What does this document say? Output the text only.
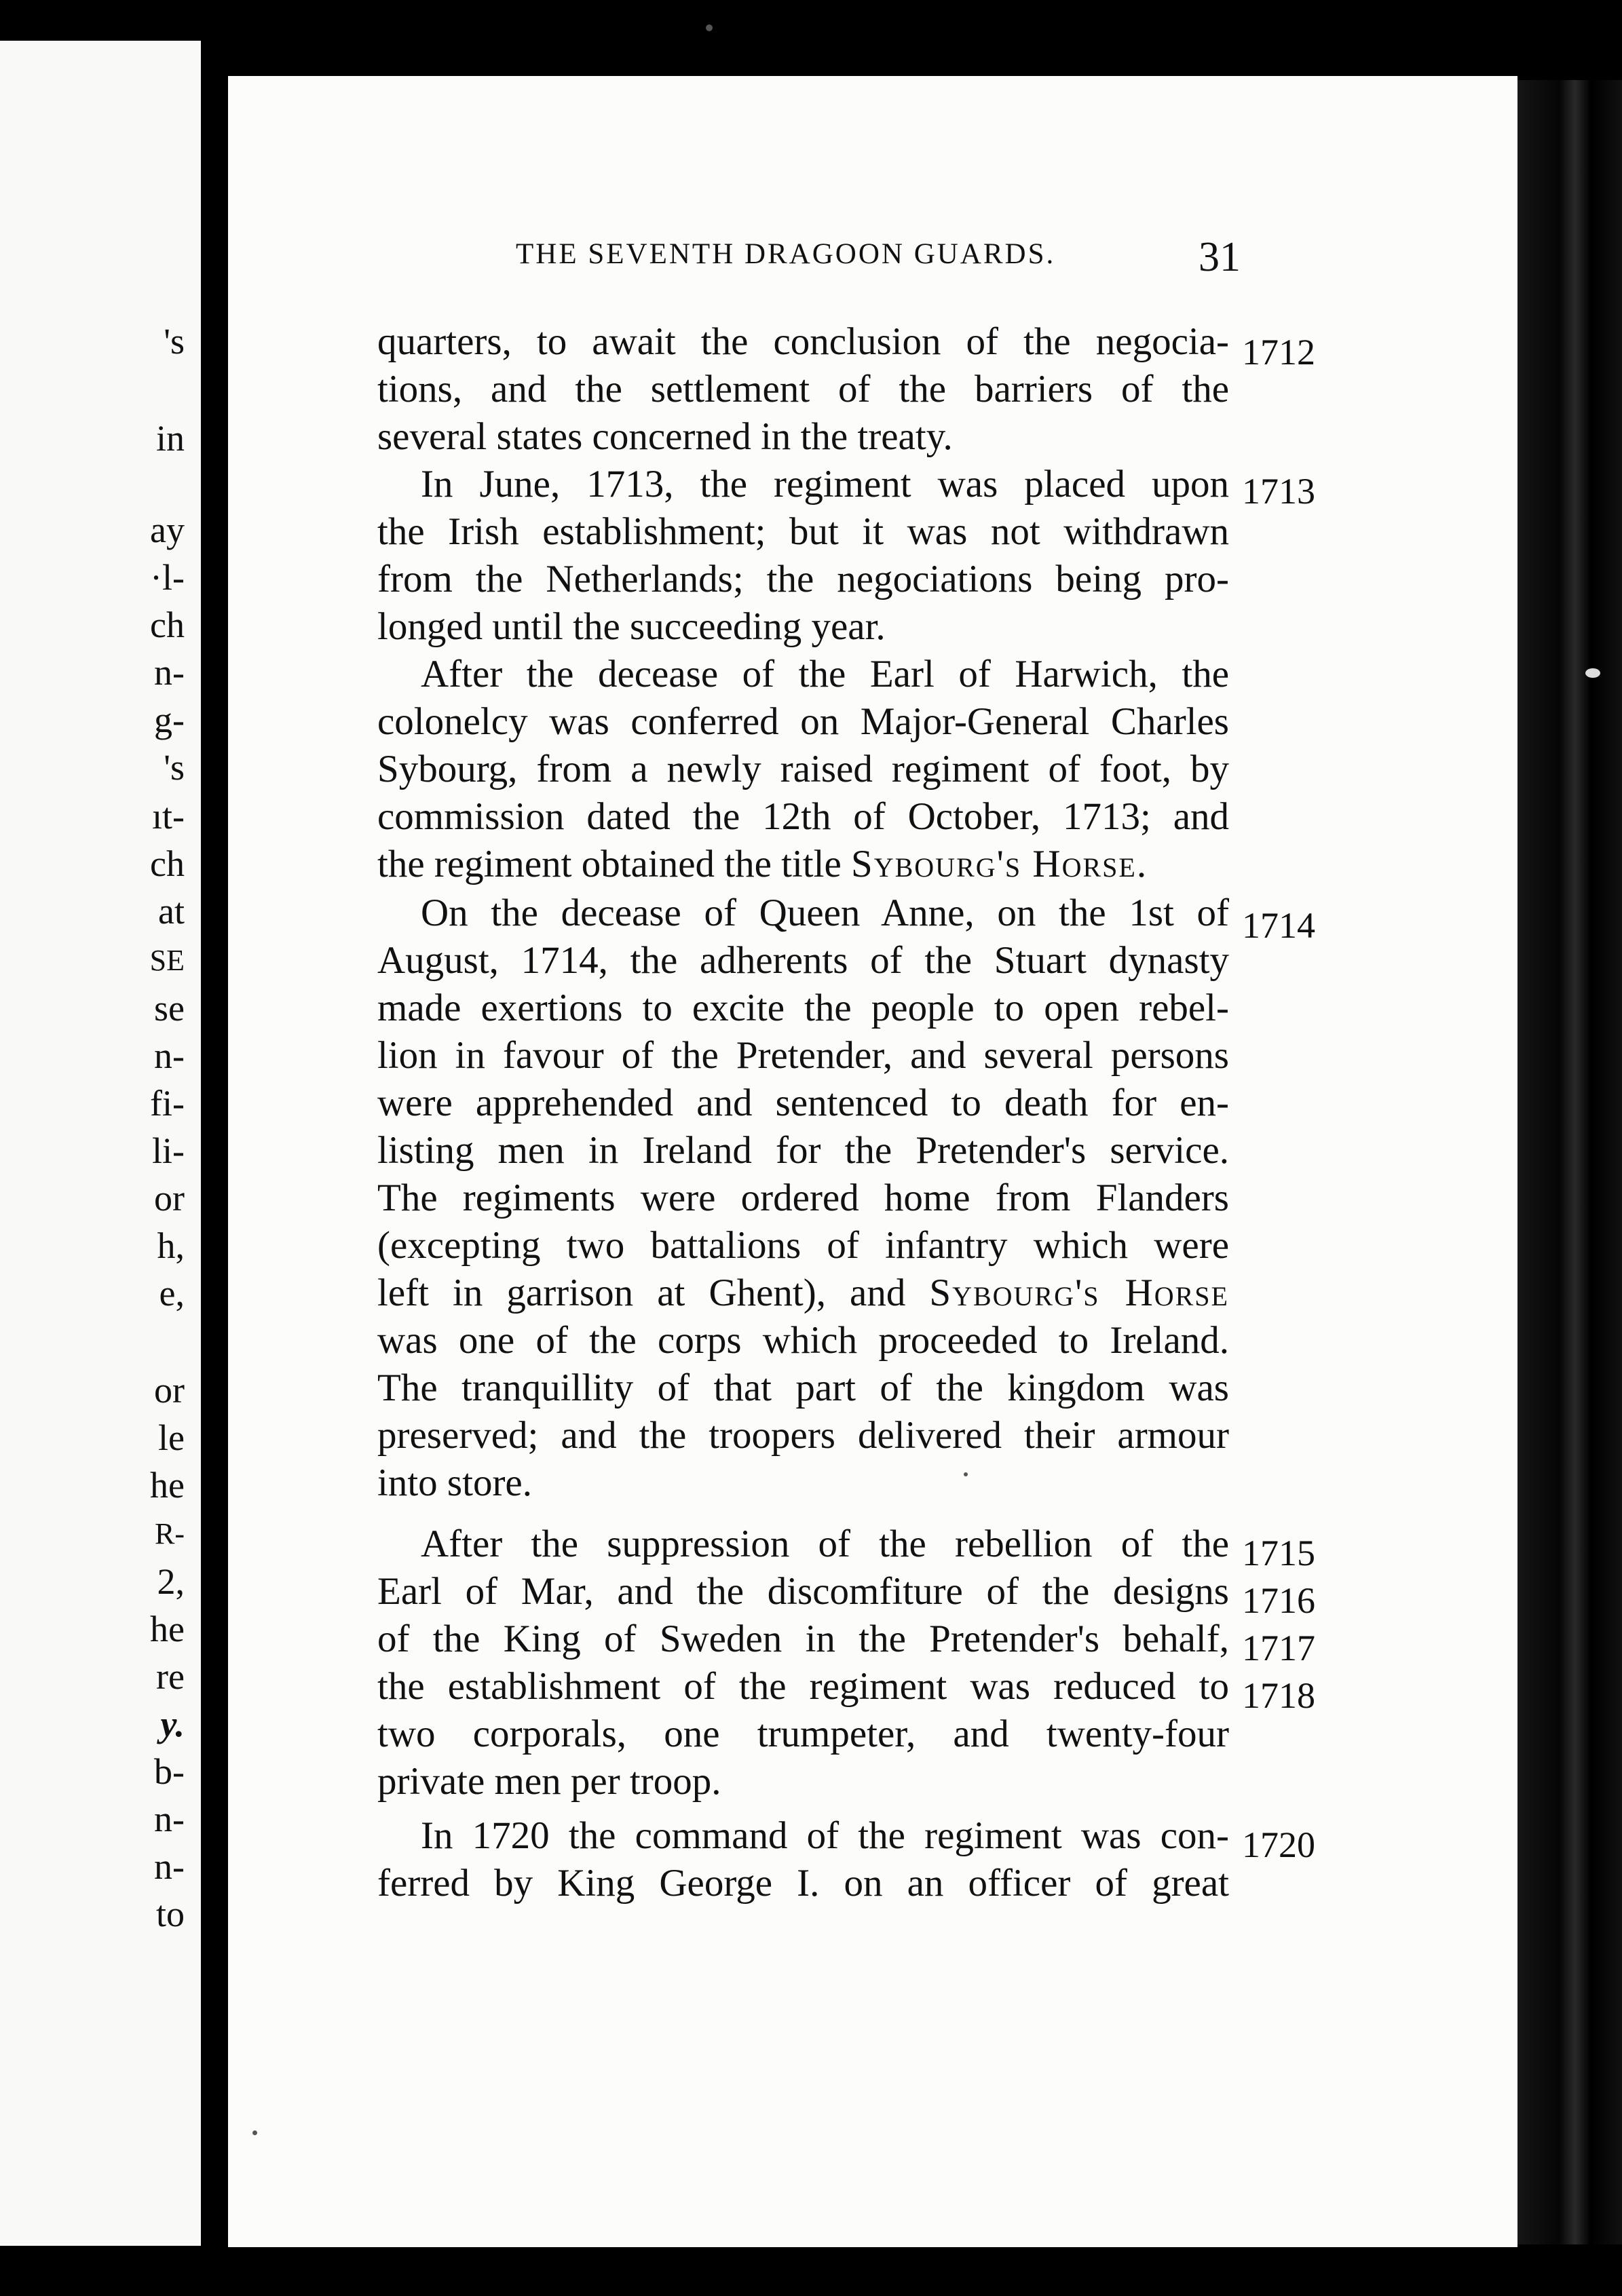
's
in
ay
·l-
ch
n-
g-
's
ıt-
ch
at
SE
se
n-
fi-
li-
or
h,
e,
or
le
he
R-
2,
he
re
y.
b-
n-
n-
to
THE SEVENTH DRAGOON GUARDS.	31
quarters, to await the conclusion of the negocia-
tions, and the settlement of the barriers of the
several states concerned in the treaty.
In June, 1713, the regiment was placed upon
the Irish establishment; but it was not withdrawn
from the Netherlands; the negociations being pro-
longed until the succeeding year.
After the decease of the Earl of Harwich, the
colonelcy was conferred on Major-General Charles
Sybourg, from a newly raised regiment of foot, by
commission dated the 12th of October, 1713; and
the regiment obtained the title Sybourg's Horse.
On the decease of Queen Anne, on the 1st of
August, 1714, the adherents of the Stuart dynasty
made exertions to excite the people to open rebel-
lion in favour of the Pretender, and several persons
were apprehended and sentenced to death for en-
listing men in Ireland for the Pretender's service.
The regiments were ordered home from Flanders
(excepting two battalions of infantry which were
left in garrison at Ghent), and Sybourg's Horse
was one of the corps which proceeded to Ireland.
The tranquillity of that part of the kingdom was
preserved; and the troopers delivered their armour
into store.
After the suppression of the rebellion of the
Earl of Mar, and the discomfiture of the designs
of the King of Sweden in the Pretender's behalf,
the establishment of the regiment was reduced to
two corporals, one trumpeter, and twenty-four
private men per troop.
In 1720 the command of the regiment was con-
ferred by King George I. on an officer of great
1712
1713
1714
1715
1716
1717
1718
1720
